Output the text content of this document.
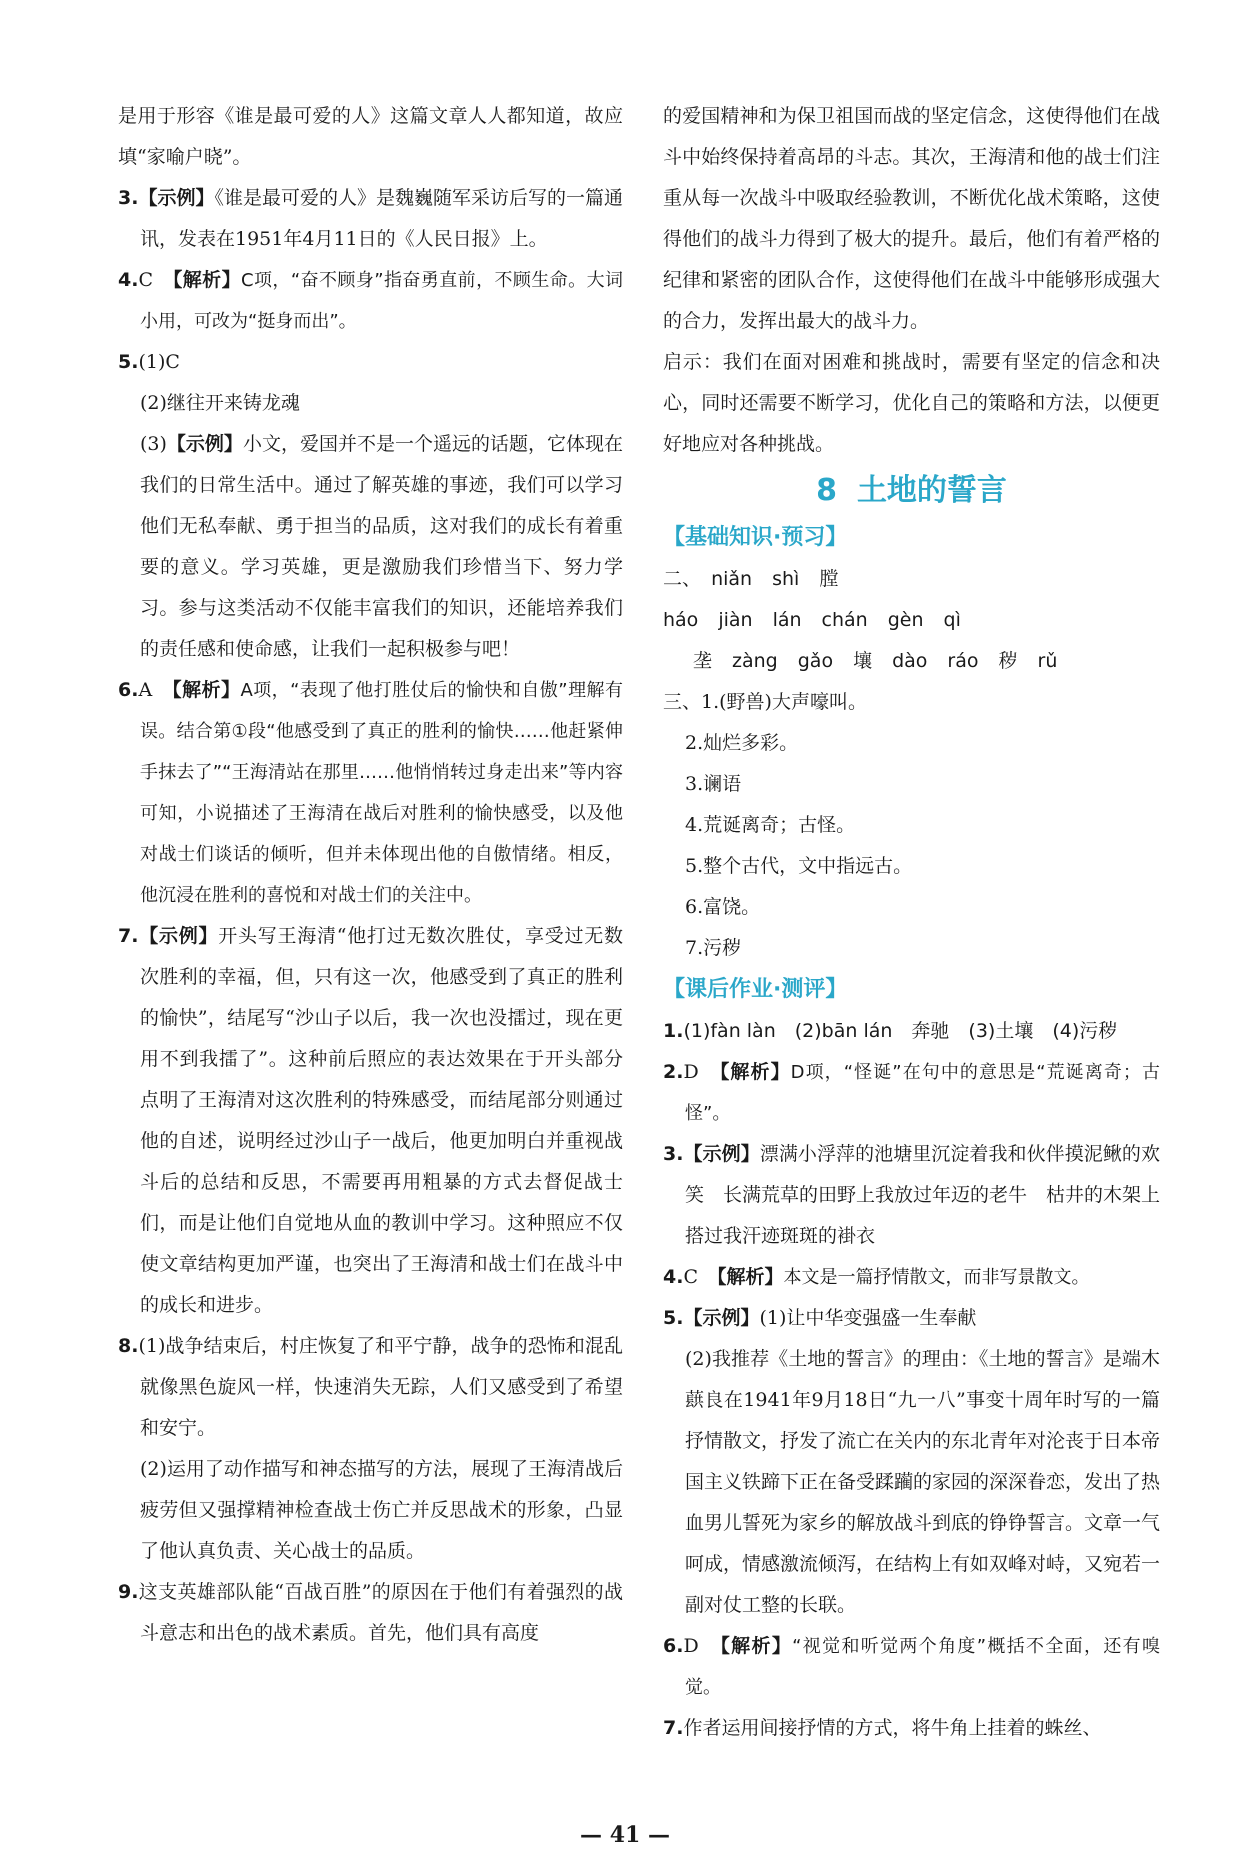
是用于形容《谁是最可爱的人》这篇文章人人都知道，故应填“家喻户晓”。

3.【示例】《谁是最可爱的人》是魏巍随军采访后写的一篇通讯，发表在1951年4月11日的《人民日报》上。

4.C　 【解析】C项，“奋不顾身”指奋勇直前，不顾生命。大词小用，可改为“挺身而出”。

5.(1)C

(2)继往开来铸龙魂

(3)【示例】小文，爱国并不是一个遥远的话题，它体现在我们的日常生活中。通过了解英雄的事迹，我们可以学习他们无私奉献、勇于担当的品质，这对我们的成长有着重要的意义。学习英雄，更是激励我们珍惜当下、努力学习。参与这类活动不仅能丰富我们的知识，还能培养我们的责任感和使命感，让我们一起积极参与吧！

6.A　 【解析】A项，“表现了他打胜仗后的愉快和自傲”理解有误。结合第①段“他感受到了真正的胜利的愉快……他赶紧伸手抹去了”“王海清站在那里……他悄悄转过身走出来”等内容可知，小说描述了王海清在战后对胜利的愉快感受，以及他对战士们谈话的倾听，但并未体现出他的自傲情绪。相反，他沉浸在胜利的喜悦和对战士们的关注中。

7.【示例】开头写王海清“他打过无数次胜仗，享受过无数次胜利的幸福，但，只有这一次，他感受到了真正的胜利的愉快”，结尾写“沙山子以后，我一次也没擂过，现在更用不到我擂了”。这种前后照应的表达效果在于开头部分点明了王海清对这次胜利的特殊感受，而结尾部分则通过他的自述，说明经过沙山子一战后，他更加明白并重视战斗后的总结和反思，不需要再用粗暴的方式去督促战士们，而是让他们自觉地从血的教训中学习。这种照应不仅使文章结构更加严谨，也突出了王海清和战士们在战斗中的成长和进步。

8.(1)战争结束后，村庄恢复了和平宁静，战争的恐怖和混乱就像黑色旋风一样，快速消失无踪，人们又感受到了希望和安宁。

(2)运用了动作描写和神态描写的方法，展现了王海清战后疲劳但又强撑精神检查战士伤亡并反思战术的形象，凸显了他认真负责、关心战士的品质。

9.这支英雄部队能“百战百胜”的原因在于他们有着强烈的战斗意志和出色的战术素质。首先，他们具有高度

的爱国精神和为保卫祖国而战的坚定信念，这使得他们在战斗中始终保持着高昂的斗志。其次，王海清和他的战士们注重从每一次战斗中吸取经验教训，不断优化战术策略，这使得他们的战斗力得到了极大的提升。最后，他们有着严格的纪律和紧密的团队合作，这使得他们在战斗中能够形成强大的合力，发挥出最大的战斗力。

启示：我们在面对困难和挑战时，需要有坚定的信念和决心，同时还需要不断学习，优化自己的策略和方法，以便更好地应对各种挑战。

8 土地的誓言

【基础知识·预习】

二、 niǎn shì 膛háo jiàn lán chán gèn qì
垄 zàng gǎo 壤 dào ráo 秽 rǔ

三、1.(野兽)大声嚎叫。

2.灿烂多彩。

3.谰语

4.荒诞离奇；古怪。

5.整个古代，文中指远古。

6.富饶。

7.污秽

【课后作业·测评】

1.(1)fàn làn　(2)bān lán　奔驰　(3)土壤　(4)污秽

2.D　 【解析】D项，“怪诞”在句中的意思是“荒诞离奇；古怪”。

3.【示例】漂满小浮萍的池塘里沉淀着我和伙伴摸泥鳅的欢笑　长满荒草的田野上我放过年迈的老牛　枯井的木架上搭过我汗迹斑斑的褂衣

4.C　 【解析】本文是一篇抒情散文，而非写景散文。

5.【示例】(1)让中华变强盛一生奉献

(2)我推荐《土地的誓言》的理由：《土地的誓言》是端木蕻良在1941年9月18日“九一八”事变十周年时写的一篇抒情散文，抒发了流亡在关内的东北青年对沦丧于日本帝国主义铁蹄下正在备受蹂躏的家园的深深眷恋，发出了热血男儿誓死为家乡的解放战斗到底的铮铮誓言。文章一气呵成，情感激流倾泻，在结构上有如双峰对峙，又宛若一副对仗工整的长联。

6.D　 【解析】“视觉和听觉两个角度”概括不全面，还有嗅觉。

7.作者运用间接抒情的方式，将牛角上挂着的蛛丝、

— 41 —
